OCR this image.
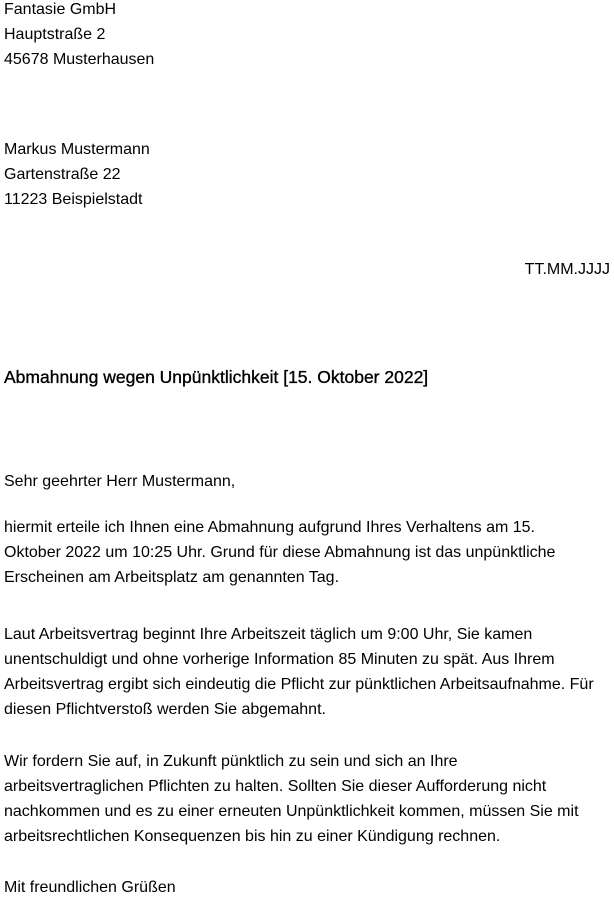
Fantasie GmbH
Hauptstraße 2
45678 Musterhausen
Markus Mustermann
Gartenstraße 22
11223 Beispielstadt
TT.MM.JJJJ
Abmahnung wegen Unpünktlichkeit [15. Oktober 2022]
Sehr geehrter Herr Mustermann,
hiermit erteile ich Ihnen eine Abmahnung aufgrund Ihres Verhaltens am 15.
Oktober 2022 um 10:25 Uhr. Grund für diese Abmahnung ist das unpünktliche
Erscheinen am Arbeitsplatz am genannten Tag.
Laut Arbeitsvertrag beginnt Ihre Arbeitszeit täglich um 9:00 Uhr, Sie kamen
unentschuldigt und ohne vorherige Information 85 Minuten zu spät. Aus Ihrem
Arbeitsvertrag ergibt sich eindeutig die Pflicht zur pünktlichen Arbeitsaufnahme. Für
diesen Pflichtverstoß werden Sie abgemahnt.
Wir fordern Sie auf, in Zukunft pünktlich zu sein und sich an Ihre
arbeitsvertraglichen Pflichten zu halten. Sollten Sie dieser Aufforderung nicht
nachkommen und es zu einer erneuten Unpünktlichkeit kommen, müssen Sie mit
arbeitsrechtlichen Konsequenzen bis hin zu einer Kündigung rechnen.
Mit freundlichen Grüßen
